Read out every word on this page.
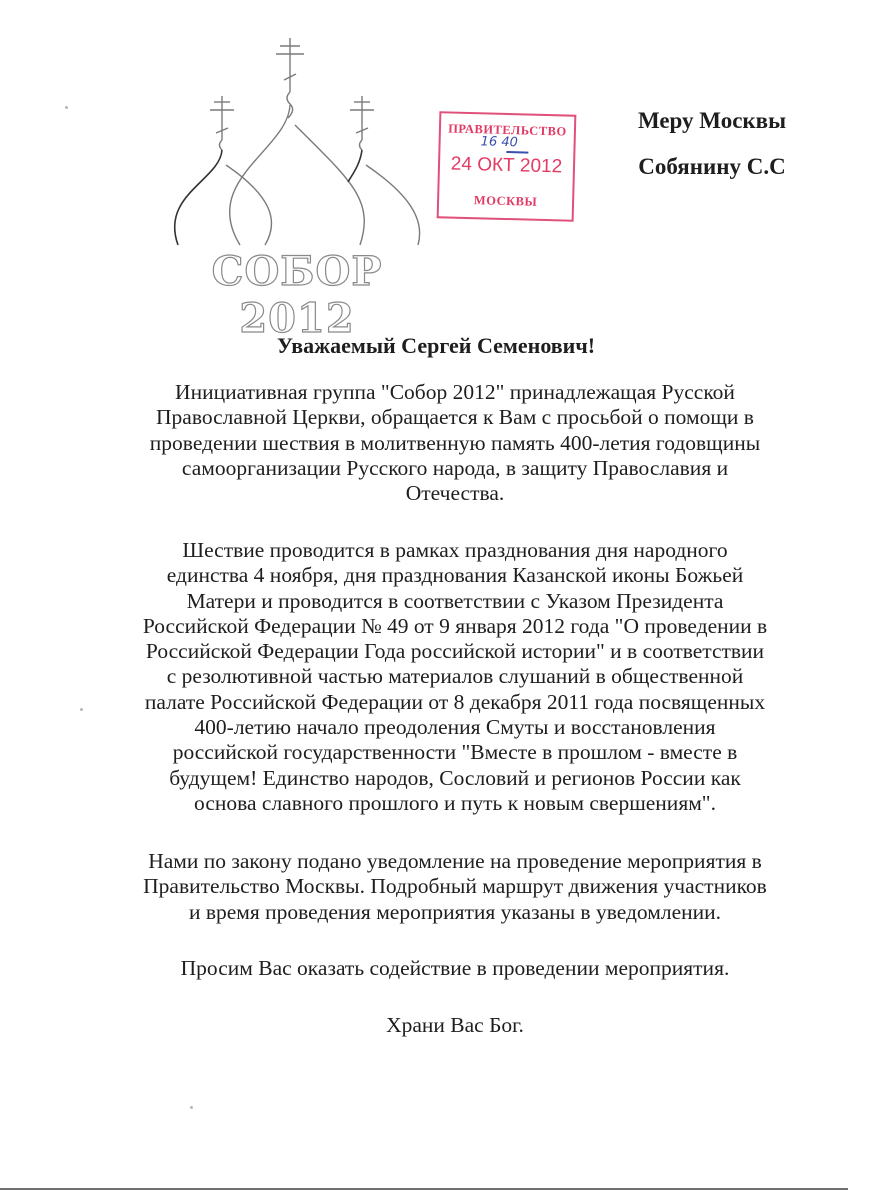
СОБОР 2012
ПРАВИТЕЛЬСТВО
16 40
24 ОКТ 2012
МОСКВЫ
Меру Москвы
Собянину С.С
Уважаемый Сергей Семенович!

Инициативная группа "Собор 2012" принадлежащая Русской
Православной Церкви, обращается к Вам с просьбой о помощи в
проведении шествия в молитвенную память 400-летия годовщины
самоорганизации Русского народа, в защиту Православия и
Отечества.

Шествие проводится в рамках празднования дня народного
единства 4 ноября, дня празднования Казанской иконы Божьей
Матери и проводится в соответствии с Указом Президента
Российской Федерации № 49 от 9 января 2012 года "О проведении в
Российской Федерации Года российской истории" и в соответствии
с резолютивной частью материалов слушаний в общественной
палате Российской Федерации от 8 декабря 2011 года посвященных
400-летию начало преодоления Смуты и восстановления
российской государственности "Вместе в прошлом - вместе в
будущем! Единство народов, Сословий и регионов России как
основа славного прошлого и путь к новым свершениям".

Нами по закону подано уведомление на проведение мероприятия в
Правительство Москвы. Подробный маршрут движения участников
и время проведения мероприятия указаны в уведомлении.

Просим Вас оказать содействие в проведении мероприятия.

Храни Вас Бог.
